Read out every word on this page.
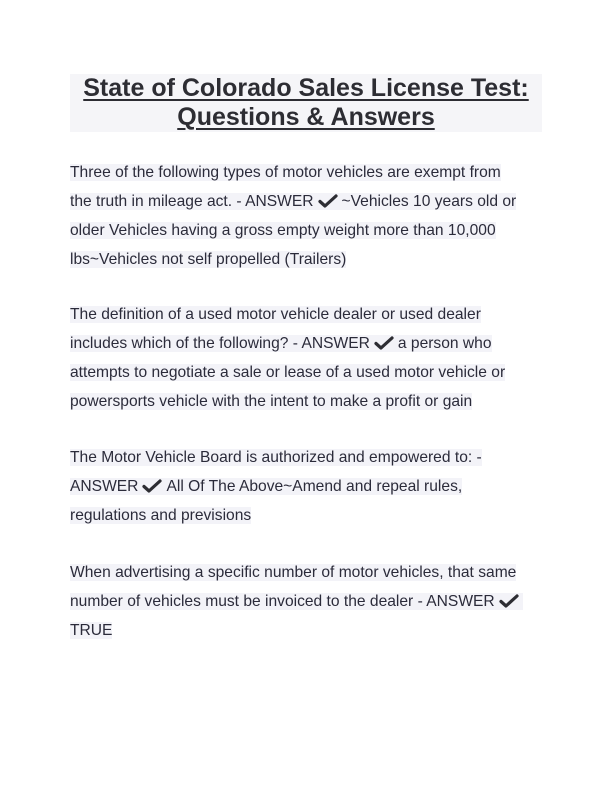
State of Colorado Sales License Test:

Questions & Answers

Three of the following types of motor vehicles are exempt from
the truth in mileage act. - ANSWER ~Vehicles 10 years old or
older Vehicles having a gross empty weight more than 10,000
lbs~Vehicles not self propelled (Trailers)
The definition of a used motor vehicle dealer or used dealer
includes which of the following? - ANSWER a person who
attempts to negotiate a sale or lease of a used motor vehicle or
powersports vehicle with the intent to make a profit or gain
The Motor Vehicle Board is authorized and empowered to: -
ANSWER All Of The Above~Amend and repeal rules,
regulations and previsions
When advertising a specific number of motor vehicles, that same
number of vehicles must be invoiced to the dealer - ANSWER
TRUE
